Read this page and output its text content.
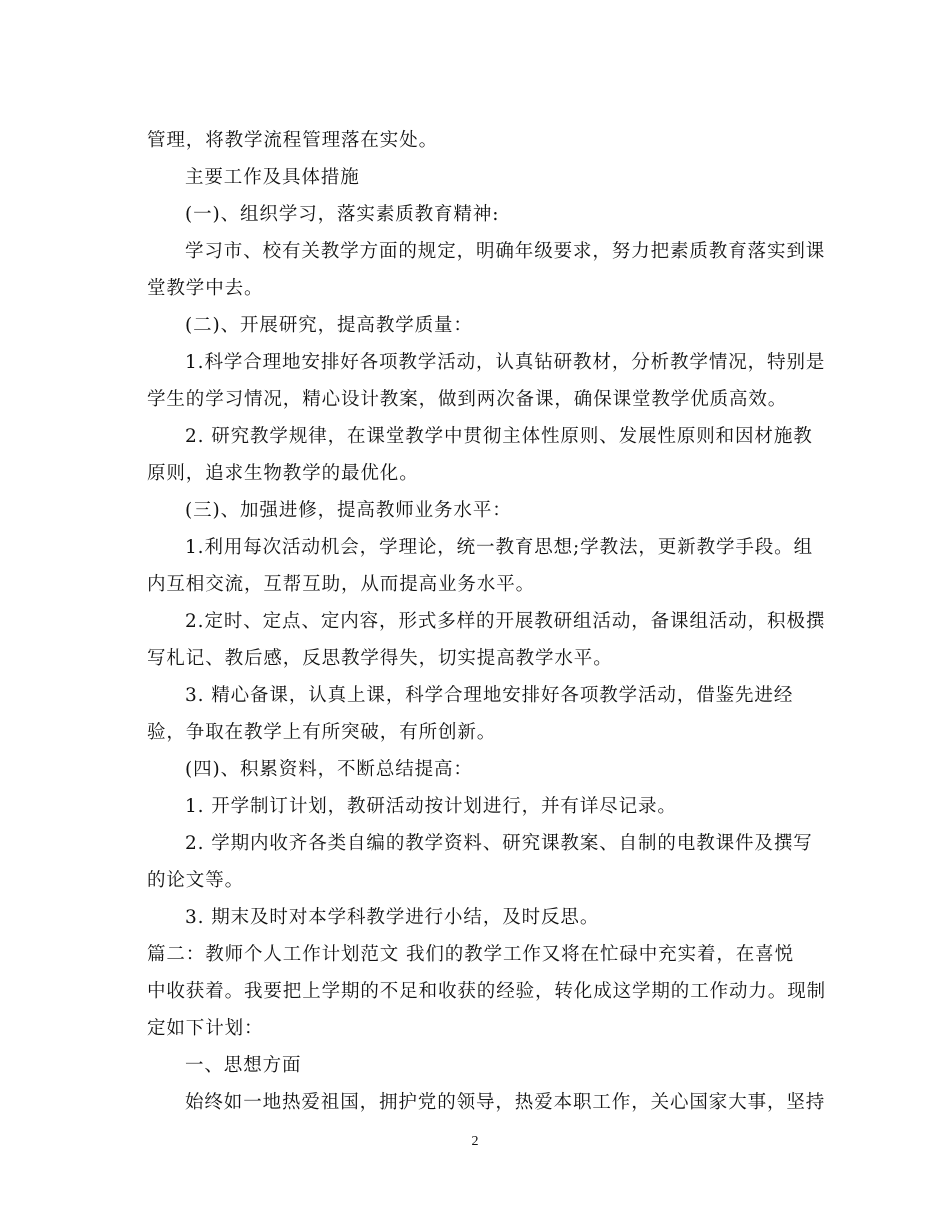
管理，将教学流程管理落在实处。

主要工作及具体措施

(一)、组织学习，落实素质教育精神:

学习市、校有关教学方面的规定，明确年级要求，努力把素质教育落实到课

堂教学中去。

(二)、开展研究，提高教学质量：

1.科学合理地安排好各项教学活动，认真钻研教材，分析教学情况，特别是

学生的学习情况，精心设计教案，做到两次备课，确保课堂教学优质高效。

2. 研究教学规律，在课堂教学中贯彻主体性原则、发展性原则和因材施教

原则，追求生物教学的最优化。

(三)、加强进修，提高教师业务水平：

1.利用每次活动机会，学理论，统一教育思想;学教法，更新教学手段。组

内互相交流，互帮互助，从而提高业务水平。

2.定时、定点、定内容，形式多样的开展教研组活动，备课组活动，积极撰

写札记、教后感，反思教学得失，切实提高教学水平。

3. 精心备课，认真上课，科学合理地安排好各项教学活动，借鉴先进经

验，争取在教学上有所突破，有所创新。

(四)、积累资料，不断总结提高：

1. 开学制订计划，教研活动按计划进行，并有详尽记录。

2. 学期内收齐各类自编的教学资料、研究课教案、自制的电教课件及撰写

的论文等。

3. 期末及时对本学科教学进行小结，及时反思。

篇二：教师个人工作计划范文 我们的教学工作又将在忙碌中充实着，在喜悦

中收获着。我要把上学期的不足和收获的经验，转化成这学期的工作动力。现制

定如下计划：

一、思想方面

始终如一地热爱祖国，拥护党的领导，热爱本职工作，关心国家大事，坚持

2
